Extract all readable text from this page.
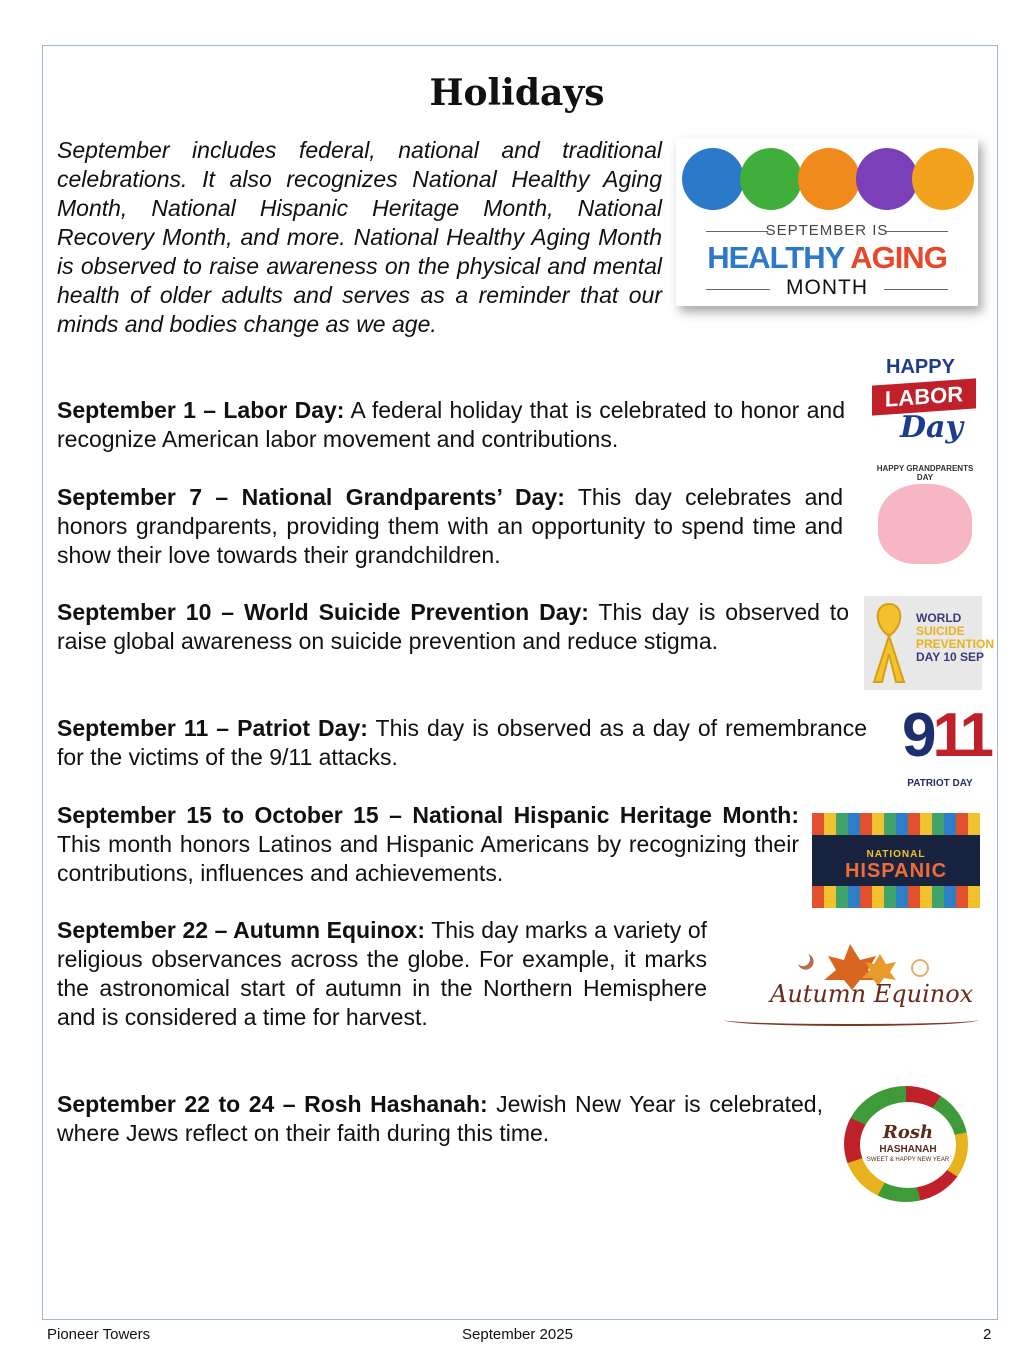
Holidays
September includes federal, national and traditional celebrations. It also recognizes National Healthy Aging Month, National Hispanic Heritage Month, National Recovery Month, and more. National Healthy Aging Month is observed to raise awareness on the physical and mental health of older adults and serves as a reminder that our minds and bodies change as we age.
SEPTEMBER IS
HEALTHY AGING
MONTH
September 1 – Labor Day: A federal holiday that is celebrated to honor and recognize American labor movement and contributions.
HAPPY
LABOR
Day
September 7 – National Grandparents’ Day: This day celebrates and honors grandparents, providing them with an opportunity to spend time and show their love towards their grandchildren.
HAPPY GRANDPARENTS DAY
September 10 – World Suicide Prevention Day: This day is observed to raise global awareness on suicide prevention and reduce stigma.
WORLD
SUICIDE
PREVENTION
DAY 10 SEP
September 11 – Patriot Day: This day is observed as a day of remembrance for the victims of the 9/11 attacks.	911
PATRIOT DAY
September 15 to October 15 – National Hispanic Heritage Month: This month honors Latinos and Hispanic Americans by recognizing their contributions, influences and achievements.
NATIONAL
HISPANIC
September 22 – Autumn Equinox: This day marks a variety of religious observances across the globe. For example, it marks the astronomical start of autumn in the Northern Hemisphere and is considered a time for harvest.
Autumn Equinox
September 22 to 24 – Rosh Hashanah: Jewish New Year is celebrated, where Jews reflect on their faith during this time.	Rosh
HASHANAH
SWEET & HAPPY NEW YEAR
Pioneer Towers	September 2025	2
